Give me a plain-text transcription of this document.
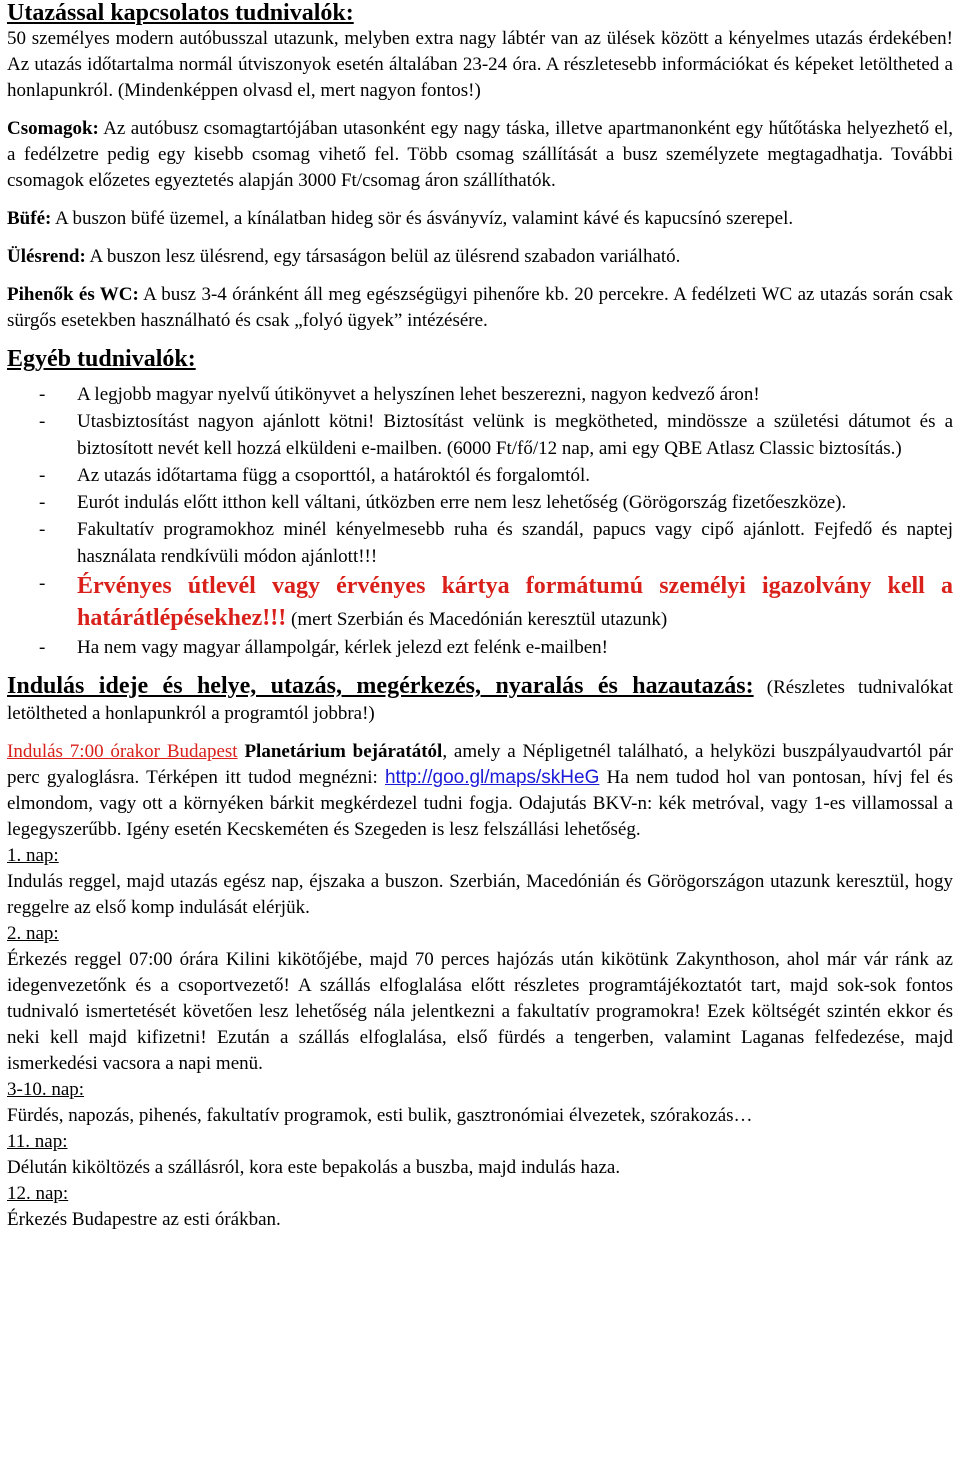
Utazással kapcsolatos tudnivalók:

50 személyes modern autóbusszal utazunk, melyben extra nagy lábtér van az ülések között a kényelmes utazás érdekében! Az utazás időtartalma normál útviszonyok esetén általában 23-24 óra. A részletesebb információkat és képeket letöltheted a honlapunkról. (Mindenképpen olvasd el, mert nagyon fontos!)

Csomagok: Az autóbusz csomagtartójában utasonként egy nagy táska, illetve apartmanonként egy hűtőtáska helyezhető el, a fedélzetre pedig egy kisebb csomag vihető fel. Több csomag szállítását a busz személyzete megtagadhatja. További csomagok előzetes egyeztetés alapján 3000 Ft/csomag áron szállíthatók.

Büfé: A buszon büfé üzemel, a kínálatban hideg sör és ásványvíz, valamint kávé és kapucsínó szerepel.

Ülésrend: A buszon lesz ülésrend, egy társaságon belül az ülésrend szabadon variálható.

Pihenők és WC: A busz 3-4 óránként áll meg egészségügyi pihenőre kb. 20 percekre. A fedélzeti WC az utazás során csak sürgős esetekben használható és csak „folyó ügyek” intézésére.

Egyéb tudnivalók:
- A legjobb magyar nyelvű útikönyvet a helyszínen lehet beszerezni, nagyon kedvező áron!
- Utasbiztosítást nagyon ajánlott kötni! Biztosítást velünk is megkötheted, mindössze a születési dátumot és a biztosított nevét kell hozzá elküldeni e-mailben. (6000 Ft/fő/12 nap, ami egy QBE Atlasz Classic biztosítás.)
- Az utazás időtartama függ a csoporttól, a határoktól és forgalomtól.
- Eurót indulás előtt itthon kell váltani, útközben erre nem lesz lehetőség (Görögország fizetőeszköze).
- Fakultatív programokhoz minél kényelmesebb ruha és szandál, papucs vagy cipő ajánlott. Fejfedő és naptej használata rendkívüli módon ajánlott!!!
- Érvényes útlevél vagy érvényes kártya formátumú személyi igazolvány kell a határátlépésekhez!!! (mert Szerbián és Macedónián keresztül utazunk)
- Ha nem vagy magyar állampolgár, kérlek jelezd ezt felénk e-mailben!

Indulás ideje és helye, utazás, megérkezés, nyaralás és hazautazás: (Részletes tudnivalókat letöltheted a honlapunkról a programtól jobbra!)

Indulás 7:00 órakor Budapest Planetárium bejáratától, amely a Népligetnél található, a helyközi buszpályaudvartól pár perc gyaloglásra. Térképen itt tudod megnézni: http://goo.gl/maps/skHeG Ha nem tudod hol van pontosan, hívj fel és elmondom, vagy ott a környéken bárkit megkérdezel tudni fogja. Odajutás BKV-n: kék metróval, vagy 1-es villamossal a legegyszerűbb. Igény esetén Kecskeméten és Szegeden is lesz felszállási lehetőség.

1. nap:

Indulás reggel, majd utazás egész nap, éjszaka a buszon. Szerbián, Macedónián és Görögországon utazunk keresztül, hogy reggelre az első komp indulását elérjük.

2. nap:

Érkezés reggel 07:00 órára Kilini kikötőjébe, majd 70 perces hajózás után kikötünk Zakynthoson, ahol már vár ránk az idegenvezetőnk és a csoportvezető! A szállás elfoglalása előtt részletes programtájékoztatót tart, majd sok-sok fontos tudnivaló ismertetését követően lesz lehetőség nála jelentkezni a fakultatív programokra! Ezek költségét szintén ekkor és neki kell majd kifizetni! Ezután a szállás elfoglalása, első fürdés a tengerben, valamint Laganas felfedezése, majd ismerkedési vacsora a napi menü.

3-10. nap:

Fürdés, napozás, pihenés, fakultatív programok, esti bulik, gasztronómiai élvezetek, szórakozás…

11. nap:

Délután kiköltözés a szállásról, kora este bepakolás a buszba, majd indulás haza.

12. nap:

Érkezés Budapestre az esti órákban.
